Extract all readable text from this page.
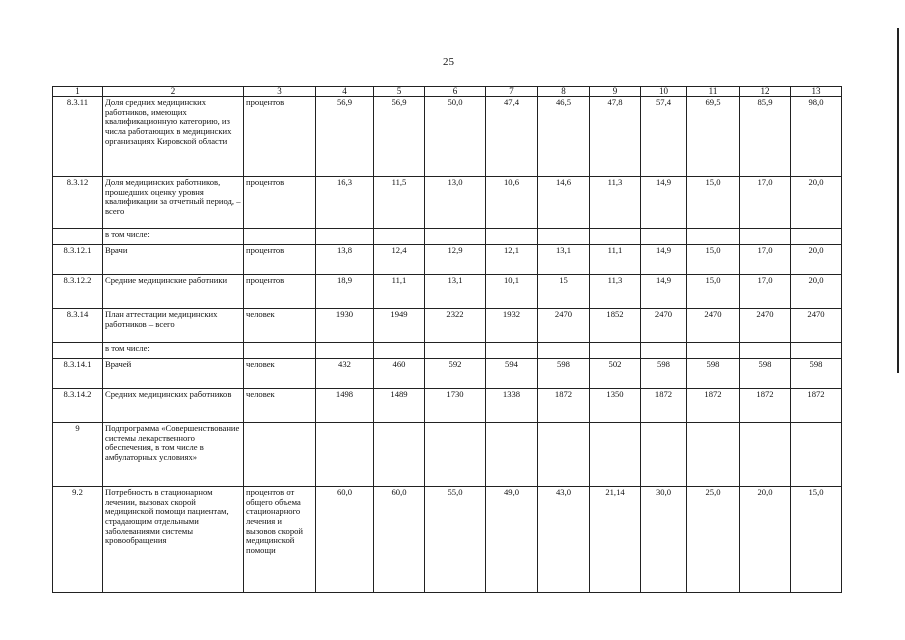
25
1	2	3	4	5	6	7	8	9	10	11	12	13
8.3.11	Доля средних медицинских работников, имеющих квалификационную категорию, из числа работающих в медицинских организациях Кировской области	процентов	56,9	56,9	50,0	47,4	46,5	47,8	57,4	69,5	85,9	98,0
8.3.12	Доля медицинских работников, прошедших оценку уровня квалификации за отчетный период, – всего	процентов	16,3	11,5	13,0	10,6	14,6	11,3	14,9	15,0	17,0	20,0
	в том числе:											
8.3.12.1	Врачи	процентов	13,8	12,4	12,9	12,1	13,1	11,1	14,9	15,0	17,0	20,0
8.3.12.2	Средние медицинские работники	процентов	18,9	11,1	13,1	10,1	15	11,3	14,9	15,0	17,0	20,0
8.3.14	План аттестации медицинских работников – всего	человек	1930	1949	2322	1932	2470	1852	2470	2470	2470	2470
	в том числе:											
8.3.14.1	Врачей	человек	432	460	592	594	598	502	598	598	598	598
8.3.14.2	Средних медицинских работников	человек	1498	1489	1730	1338	1872	1350	1872	1872	1872	1872
9	Подпрограмма «Совершенствование системы лекарственного обеспечения, в том числе в амбулаторных условиях»											
9.2	Потребность в стационарном лечении, вызовах скорой медицинской помощи пациентам, страдающим отдельными заболеваниями системы кровообращения	процентов от общего объема стационарного лечения и вызовов скорой медицинской помощи	60,0	60,0	55,0	49,0	43,0	21,14	30,0	25,0	20,0	15,0
